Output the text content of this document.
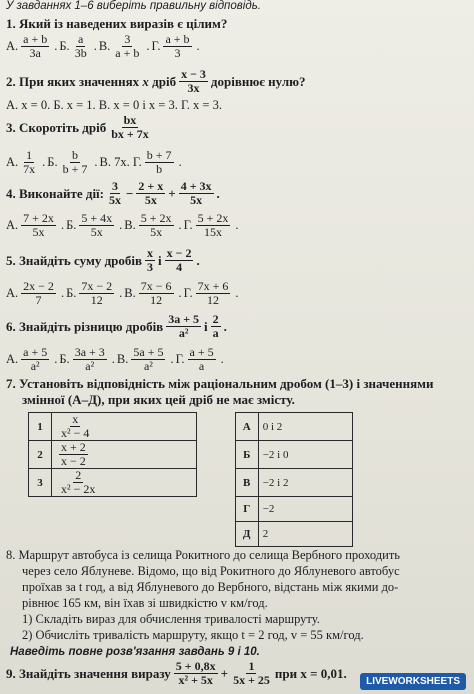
У завданнях 1–6 виберіть правильну відповідь.
1. Який із наведених виразів є цілим?
А. $\frac{a + b}{3a}$ . Б. $\frac{a}{3b}$ . В. $\frac{3}{a + b}$ . Г. $\frac{a + b}{3}$ .
2. При яких значеннях
x
дріб $\frac{x - 3}{3x}$ дорівнює нулю?
А. x = 0. Б. x = 1. В. x = 0 і x = 3. Г. x = 3.
3. Скоротіть дріб $\frac{bx}{bx + 7x}$
А. $\frac{1}{7x}$ . Б. $\frac{b}{b + 7}$ . В. 7x. Г. $\frac{b + 7}{b}$ .
4. Виконайте дії: $\frac{3}{5x} - \frac{2 + x}{5x} + \frac{4 + 3x}{5x}$ .
А. $\frac{7 + 2x}{5x}$ . Б. $\frac{5 + 4x}{5x}$ . В. $\frac{5 + 2x}{5x}$ . Г. $\frac{5 + 2x}{15x}$ .
5. Знайдіть суму дробів $\frac{x}{3}$ і $\frac{x - 2}{4}$ .
А. $\frac{2x - 2}{7}$ . Б. $\frac{7x - 2}{12}$ . В. $\frac{7x - 6}{12}$ . Г. $\frac{7x + 6}{12}$ .
6. Знайдіть різницю дробів $\frac{3a + 5}{\text{a²}}$ і $\frac{2}{a}$ .
А. $\frac{a + 5}{\text{a²}}$ . Б. $\frac{3a + 3}{\text{a²}}$ . В. $\frac{5a + 5}{\text{a²}}$ . Г. $\frac{a + 5}{a}$ .
7. Установіть відповідність між раціональним дробом (1–3) і значеннями
змінної (А–Д), при яких цей дріб не має змісту.
1	$\frac{x}{\text{x² − 4}}$		А	0 і 2
2	$\frac{x + 2}{x - 2}$		Б	−2 і 0
3	$\frac{2}{\text{x² − 2x}}$		В	−2 і 2
			Г	−2
			Д	2
8. Маршрут автобуса із селища Рокитного до селища Вербного проходить
через село Яблуневе. Відомо, що від Рокитного до Яблуневого автобус
проїхав за t год, а від Яблуневого до Вербного, відстань між якими до-
рівнює 165 км, він їхав зі швидкістю v км/год.
1) Складіть вираз для обчислення тривалості маршруту.
2) Обчисліть тривалість маршруту, якщо t = 2 год, v = 55 км/год.
Наведіть повне розв'язання завдань 9 і 10.
9. Знайдіть значення виразу $\frac{5 + 0,8x}{\text{x² + 5x}} + \frac{1}{5x + 25}$ при x = 0,01.
LIVEWORKSHEETS
